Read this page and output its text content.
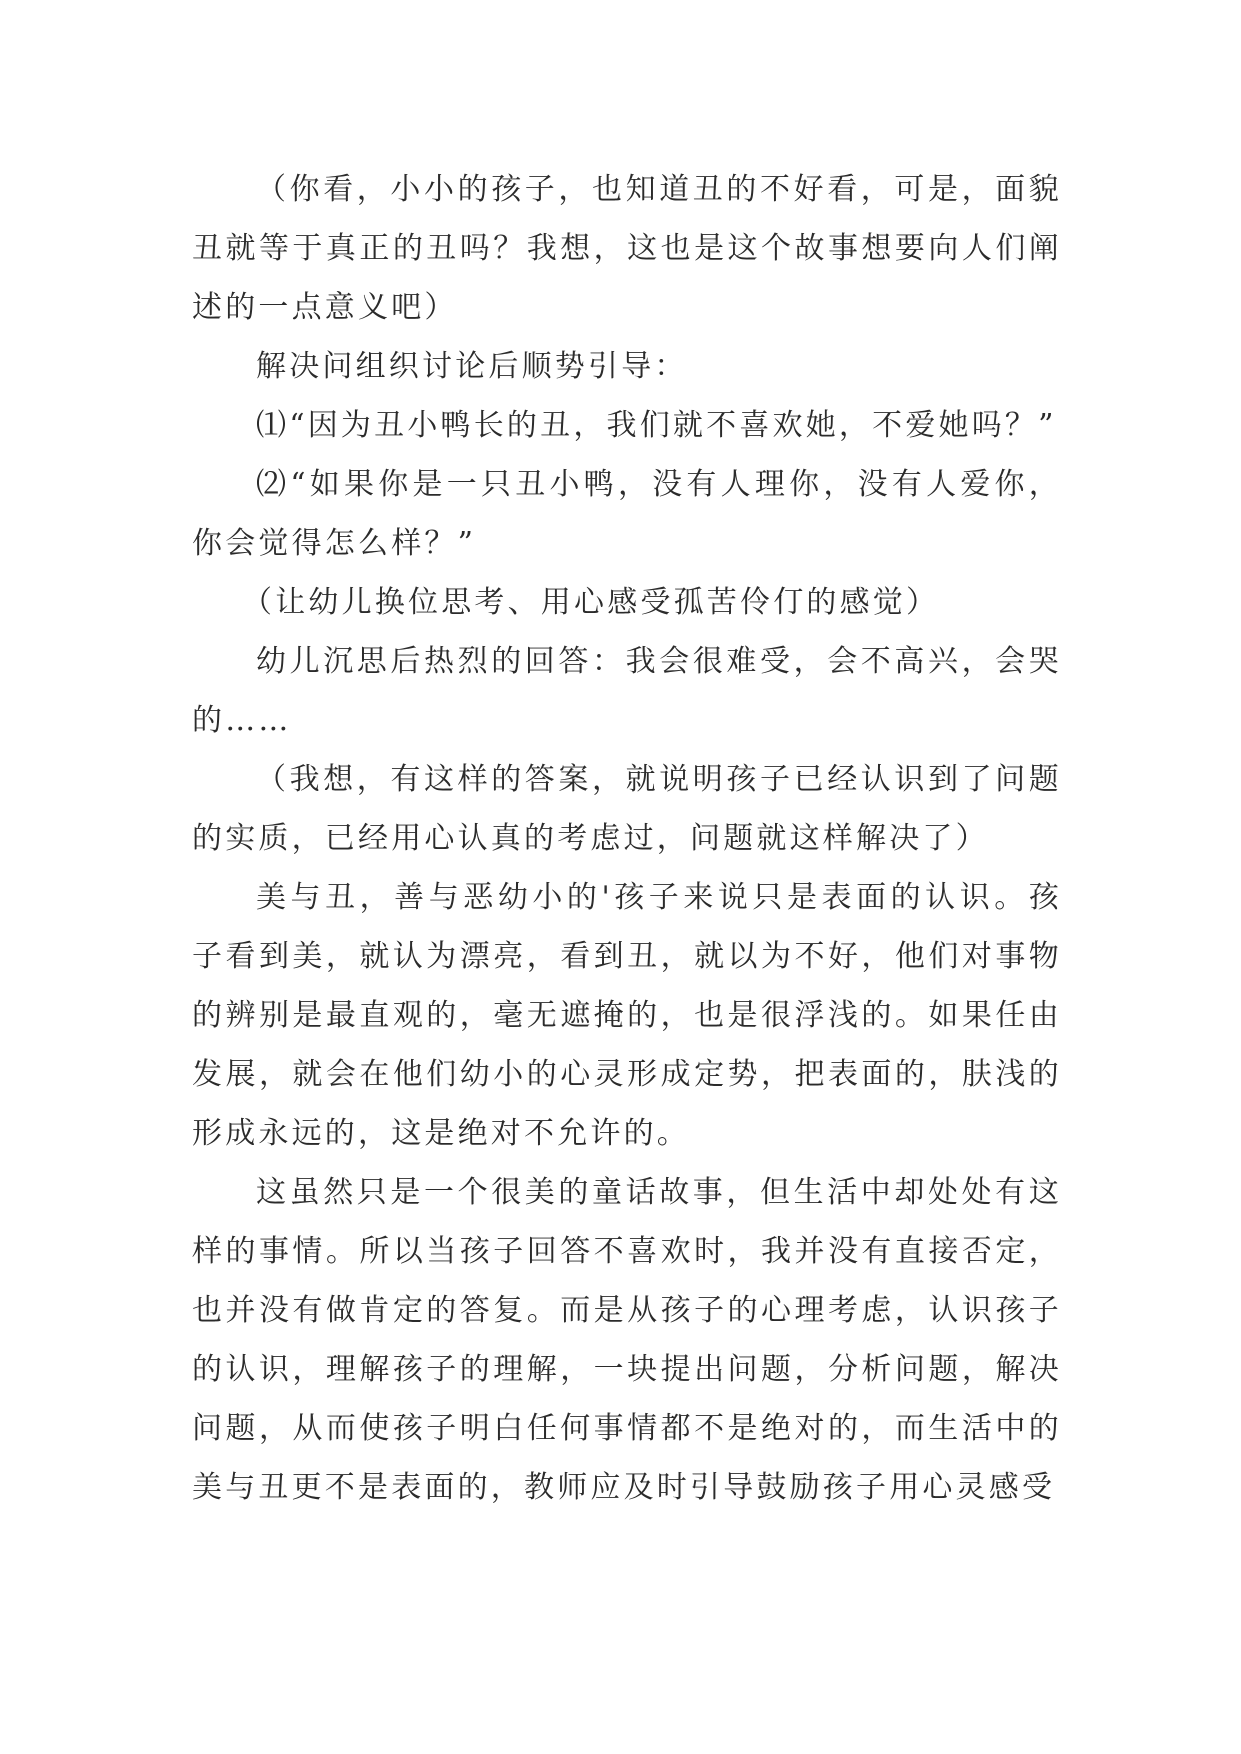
（你看，小小的孩子，也知道丑的不好看，可是，面貌丑就等于真正的丑吗？我想，这也是这个故事想要向人们阐述的一点意义吧）

解决问组织讨论后顺势引导：

⑴“因为丑小鸭长的丑，我们就不喜欢她，不爱她吗？”

⑵“如果你是一只丑小鸭，没有人理你，没有人爱你，你会觉得怎么样？”

（让幼儿换位思考、用心感受孤苦伶仃的感觉）

幼儿沉思后热烈的回答：我会很难受，会不高兴，会哭的……

（我想，有这样的答案，就说明孩子已经认识到了问题的实质，已经用心认真的考虑过，问题就这样解决了）

美与丑，善与恶幼小的'孩子来说只是表面的认识。孩子看到美，就认为漂亮，看到丑，就以为不好，他们对事物的辨别是最直观的，毫无遮掩的，也是很浮浅的。如果任由发展，就会在他们幼小的心灵形成定势，把表面的，肤浅的形成永远的，这是绝对不允许的。

这虽然只是一个很美的童话故事，但生活中却处处有这样的事情。所以当孩子回答不喜欢时，我并没有直接否定，也并没有做肯定的答复。而是从孩子的心理考虑，认识孩子的认识，理解孩子的理解，一块提出问题，分析问题，解决问题，从而使孩子明白任何事情都不是绝对的，而生活中的美与丑更不是表面的，教师应及时引导鼓励孩子用心灵感受
